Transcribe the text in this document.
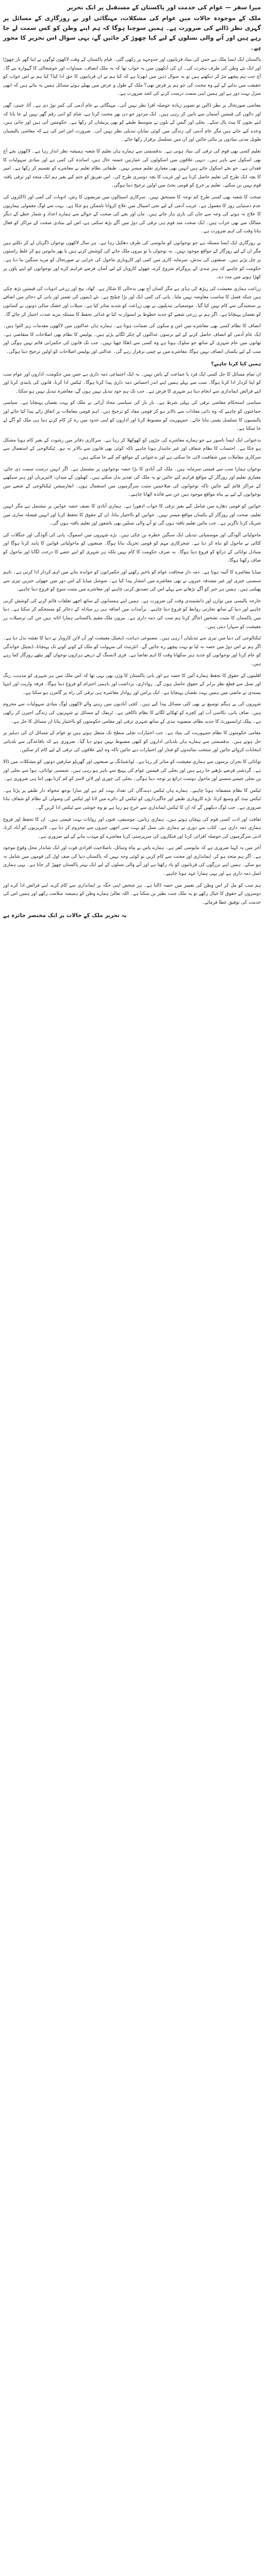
میرا سفر — عوام کی خدمت اور پاکستان کے مستقبل پر ایک تحریر

ملک کے موجودہ حالات میں عوام کی مشکلات، مہنگائی اور بے روزگاری کے مسائل پر گہری نظر ڈالنے کی ضرورت ہے۔ ہمیں سوچنا ہوگا کہ ہم اپنے وطن کو کس سمت لے جا رہے ہیں اور آنے والی نسلوں کے لیے کیا چھوڑ کر جائیں گے، یہی سوال اس تحریر کا محور ہے۔

پاکستان ایک ایسا ملک ہے جس کی بنیاد قربانیوں اور جدوجہد پر رکھی گئی۔ قیام پاکستان کے وقت لاکھوں لوگوں نے اپنا گھر بار چھوڑا اور ایک نئے وطن کی طرف ہجرت کی۔ ان کی آنکھوں میں یہ خواب تھا کہ یہ ملک انصاف، مساوات اور خوشحالی کا گہوارہ بنے گا۔ آج جب ہم پیچھے مڑ کر دیکھتے ہیں تو یہ سوال ذہن میں ابھرتا ہے کہ کیا ہم نے ان قربانیوں کا حق ادا کیا؟ کیا ہم نے اس خواب کو حقیقت میں بدلنے کے لیے وہ محنت کی جو ہم پر فرض تھی؟ ملک کے طول و عرض میں پھیلے ہوئے مسائل ہمیں یہ بتاتے ہیں کہ ابھی منزل بہت دور ہے اور ہمیں اپنی سمت درست کرنے کی اشد ضرورت ہے۔

معاشی صورتحال پر نظر ڈالیں تو تصویر زیادہ حوصلہ افزا نظر نہیں آتی۔ مہنگائی نے عام آدمی کی کمر توڑ دی ہے۔ آٹا، چینی، گھی اور دالوں کی قیمتیں آسمان سے باتیں کر رہی ہیں۔ ایک مزدور جو دن بھر محنت کرتا ہے، شام کو اتنی رقم گھر نہیں لے جا پاتا کہ اپنے بچوں کا پیٹ پال سکے۔ بجلی اور گیس کے بلوں نے متوسط طبقے کو بھی پریشان کر رکھا ہے۔ حکومتیں آتی ہیں اور جاتی ہیں، وعدے کیے جاتے ہیں مگر عام آدمی کی زندگی میں کوئی نمایاں تبدیلی نظر نہیں آتی۔ ضرورت اس امر کی ہے کہ معاشی پالیسیاں طویل مدتی بنیادوں پر بنائی جائیں اور ان میں تسلسل برقرار رکھا جائے۔

تعلیم کسی بھی قوم کی ترقی کی بنیاد ہوتی ہے۔ بدقسمتی سے ہمارے ہاں تعلیم کا شعبہ ہمیشہ نظر انداز رہا ہے۔ لاکھوں بچے آج بھی اسکول سے باہر ہیں۔ دیہی علاقوں میں اسکولوں کی عمارتیں خستہ حال ہیں، اساتذہ کی کمی ہے اور بنیادی سہولیات کا فقدان ہے۔ جو بچے اسکول جاتے ہیں انہیں بھی معیاری تعلیم میسر نہیں۔ طبقاتی نظام تعلیم نے معاشرے کو تقسیم کر رکھا ہے۔ امیر کا بچہ ایک طرح کی تعلیم حاصل کرتا ہے اور غریب کا بچہ دوسری طرح کی۔ اس تفریق کو ختم کیے بغیر ہم ایک متحد اور ترقی یافتہ قوم نہیں بن سکتے۔ تعلیم پر خرچ کو قومی بجٹ میں اولین ترجیح دینا ہوگی۔

صحت کا شعبہ بھی کسی طرح کم توجہ کا مستحق نہیں۔ سرکاری اسپتالوں میں مریضوں کا رش، ادویات کی کمی اور ڈاکٹروں کی عدم دستیابی روز کا معمول ہے۔ غریب آدمی کے لیے نجی اسپتال میں علاج کروانا ناممکن ہو چکا ہے۔ بہت سے لوگ معمولی بیماریوں کا علاج نہ ہونے کی وجہ سے جان کی بازی ہار جاتے ہیں۔ ماں اور بچے کی صحت کے حوالے سے ہمارے اعداد و شمار خطے کے دیگر ممالک سے بھی خراب ہیں۔ ایک صحت مند قوم ہی ترقی کی دوڑ میں آگے بڑھ سکتی ہے، اس لیے بنیادی صحت کے مراکز کو فعال بنانا وقت کی اہم ضرورت ہے۔

بے روزگاری ایک ایسا مسئلہ ہے جو نوجوانوں کو مایوسی کی طرف دھکیل رہا ہے۔ ہر سال لاکھوں نوجوان ڈگریاں لے کر نکلتے ہیں مگر ان کے لیے روزگار کے مواقع موجود نہیں۔ یہ نوجوان یا تو بیرون ملک جانے کی کوشش کرتے ہیں یا پھر مایوس ہو کر غلط راستوں پر چل پڑتے ہیں۔ صنعتوں کی بندش، سرمایہ کاری میں کمی اور کاروباری ماحول کی خرابی نے صورتحال کو مزید سنگین بنا دیا ہے۔ حکومت کو چاہیے کہ ہنر مندی کے پروگرام شروع کرے، چھوٹے کاروبار کے لیے آسان قرضے فراہم کرے اور نوجوانوں کو اپنے پاؤں پر کھڑا ہونے میں مدد دے۔

زراعت ہماری معیشت کی ریڑھ کی ہڈی ہے مگر کسان آج بھی بدحالی کا شکار ہے۔ کھاد، بیج اور زرعی ادویات کی قیمتیں بڑھ چکی ہیں جبکہ فصل کا مناسب معاوضہ نہیں ملتا۔ پانی کی کمی ایک اور بڑا چیلنج ہے۔ نئے ڈیموں کی تعمیر اور پانی کے ذخائر میں اضافے پر سنجیدگی سے کام نہیں کیا گیا۔ موسمیاتی تبدیلیوں نے بھی زراعت کو شدید متاثر کیا ہے۔ سیلاب اور خشک سالی دونوں نے کسانوں کو نقصان پہنچایا ہے۔ اگر ہم نے زرعی شعبے کو جدید خطوط پر استوار نہ کیا تو غذائی تحفظ کا مسئلہ مزید شدت اختیار کر جائے گا۔

انصاف کا نظام کسی بھی معاشرے میں امن و سکون کی ضمانت ہوتا ہے۔ ہمارے ہاں عدالتوں میں لاکھوں مقدمات زیر التوا ہیں۔ ایک عام آدمی کو انصاف حاصل کرنے کے لیے برسوں عدالتوں کے چکر لگانے پڑتے ہیں۔ پولیس کا نظام بھی اصلاحات کا متقاضی ہے۔ تھانوں میں عام شہری کے ساتھ جو سلوک ہوتا ہے وہ کسی سے ڈھکا چھپا نہیں۔ جب تک قانون کی حکمرانی قائم نہیں ہوگی اور سب کے لیے یکساں انصاف نہیں ہوگا، معاشرے میں بے چینی برقرار رہے گی۔ عدالتی اور پولیس اصلاحات کو اولین ترجیح دینا ہوگی۔

ہمیں کیا کرنا چاہیے؟

ان تمام مسائل کا حل کسی ایک فرد یا جماعت کے پاس نہیں۔ یہ ایک اجتماعی ذمہ داری ہے جس میں حکومت، اداروں اور عوام سب کو اپنا کردار ادا کرنا ہوگا۔ سب سے پہلے ہمیں اپنے اندر احساس ذمہ داری پیدا کرنا ہوگا۔ ٹیکس ادا کرنا، قانون کی پابندی کرنا اور اپنے فرائض ایمانداری سے انجام دینا ہر شہری کا فرض ہے۔ جب تک ہم خود تبدیل نہیں ہوں گے، معاشرہ تبدیل نہیں ہو سکتا۔

سیاسی استحکام معاشی ترقی کی پہلی شرط ہے۔ بار بار کی سیاسی محاذ آرائی نے ملک کو بہت نقصان پہنچایا ہے۔ سیاسی جماعتوں کو چاہیے کہ وہ ذاتی مفادات سے بالاتر ہو کر قومی مفاد کو ترجیح دیں۔ اہم قومی معاملات پر اتفاق رائے پیدا کیا جائے اور پالیسیوں کا تسلسل یقینی بنایا جائے۔ جمہوریت کو مضبوط کرنا اور اداروں کو اپنی حدود میں رہ کر کام کرنے دینا ہی ملک کو آگے لے جا سکتا ہے۔

بدعنوانی ایک ایسا ناسور ہے جو ہمارے معاشرے کی جڑوں کو کھوکھلا کر رہا ہے۔ سرکاری دفاتر میں رشوت کے بغیر کام ہونا مشکل ہو چکا ہے۔ احتساب کا نظام شفاف اور غیر جانبدار ہونا چاہیے تاکہ کوئی بھی قانون سے بالاتر نہ ہو۔ ٹیکنالوجی کے استعمال سے سرکاری معاملات میں شفافیت لائی جا سکتی ہے اور بدعنوانی کے مواقع کم کیے جا سکتے ہیں۔

نوجوان ہمارا سب سے قیمتی سرمایہ ہیں۔ ملک کی آبادی کا بڑا حصہ نوجوانوں پر مشتمل ہے۔ اگر انہیں درست سمت دی جائے، معیاری تعلیم اور روزگار کے مواقع فراہم کیے جائیں تو یہ ملک کی تقدیر بدل سکتے ہیں۔ کھیلوں کے میدان، لائبریریاں اور ہنر سیکھنے کے مراکز قائم کیے جائیں تاکہ نوجوانوں کی صلاحیتیں مثبت سرگرمیوں میں استعمال ہوں۔ انفارمیشن ٹیکنالوجی کے شعبے میں نوجوانوں کے لیے بے پناہ مواقع موجود ہیں جن سے فائدہ اٹھانا چاہیے۔

خواتین کو قومی دھارے میں شامل کیے بغیر ترقی کا خواب ادھورا ہے۔ ہماری آبادی کا نصف حصہ خواتین پر مشتمل ہے مگر انہیں تعلیم، صحت اور روزگار کے یکساں مواقع میسر نہیں۔ خواتین کو بااختیار بنانا، ان کے حقوق کا تحفظ کرنا اور انہیں فیصلہ سازی میں شریک کرنا ناگزیر ہے۔ جب مائیں تعلیم یافتہ ہوں گی تو آنے والی نسلیں بھی باشعور اور تعلیم یافتہ ہوں گی۔

ماحولیاتی آلودگی اور موسمیاتی تبدیلی ایک سنگین خطرہ بن چکی ہیں۔ بڑے شہروں میں اسموگ، پانی کی آلودگی اور جنگلات کی کٹائی نے ماحول کو تباہ کر دیا ہے۔ شجرکاری مہم کو قومی تحریک بنانا ہوگا۔ صنعتوں کو ماحولیاتی قوانین کا پابند کرنا ہوگا اور متبادل توانائی کے ذرائع کو فروغ دینا ہوگا۔ یہ صرف حکومت کا کام نہیں بلکہ ہر شہری کو اپنے حصے کا درخت لگانا اور ماحول کو صاف رکھنا ہوگا۔

میڈیا معاشرے کا آئینہ ہوتا ہے۔ ذمہ دار صحافت عوام کو باخبر رکھنے اور حکمرانوں کو جوابدہ بنانے میں اہم کردار ادا کرتی ہے۔ تاہم سنسنی خیزی اور غیر مصدقہ خبروں نے بھی معاشرے میں انتشار پیدا کیا ہے۔ سوشل میڈیا کے اس دور میں جھوٹی خبریں تیزی سے پھیلتی ہیں۔ ہمیں ہر خبر کو آگے بڑھانے سے پہلے اس کی تصدیق کرنی چاہیے اور معاشرے میں مثبت سوچ کو فروغ دینا چاہیے۔

خارجہ پالیسی میں توازن اور دانشمندی وقت کی ضرورت ہے۔ ہمیں اپنے ہمسایوں کے ساتھ اچھے تعلقات قائم کرنے کی کوشش کرنی چاہیے اور دنیا کے ساتھ تجارتی روابط کو فروغ دینا چاہیے۔ برآمدات میں اضافہ ہی زر مبادلہ کے ذخائر کو مستحکم کر سکتا ہے۔ دنیا میں پاکستان کا مثبت تشخص اجاگر کرنا ہم سب کی ذمہ داری ہے۔ بیرون ملک مقیم پاکستانی ہمارا اثاثہ ہیں جن کی ترسیلات زر معیشت کو سہارا دیتی ہیں۔

ٹیکنالوجی کی دنیا میں تیزی سے تبدیلیاں آ رہی ہیں۔ مصنوعی ذہانت، ڈیجیٹل معیشت اور آن لائن کاروبار نے دنیا کا نقشہ بدل دیا ہے۔ اگر ہم نے اس دوڑ میں حصہ نہ لیا تو بہت پیچھے رہ جائیں گے۔ انٹرنیٹ کی سہولت کو ملک کے کونے کونے تک پہنچانا، ڈیجیٹل خواندگی کو عام کرنا اور نوجوانوں کو جدید ہنر سکھانا وقت کا اہم تقاضا ہے۔ فری لانسنگ کے ذریعے ہزاروں نوجوان گھر بیٹھے روزگار کما رہے ہیں۔

اقلیتوں کے حقوق کا تحفظ ہمارے آئین کا حصہ ہے اور بانی پاکستان کا وژن بھی یہی تھا کہ اس ملک میں ہر شہری کو مذہب، رنگ اور نسل سے قطع نظر برابر کے حقوق حاصل ہوں گے۔ رواداری، برداشت اور باہمی احترام کو فروغ دینا ہوگا۔ فرقہ واریت اور انتہا پسندی نے ماضی میں ہمیں بہت نقصان پہنچایا ہے۔ ایک پرامن اور روادار معاشرہ ہی ترقی کی راہ پر گامزن ہو سکتا ہے۔

شہروں کی بے ہنگم توسیع نے بھی کئی مسائل پیدا کیے ہیں۔ کچی آبادیوں میں رہنے والے لاکھوں لوگ بنیادی سہولیات سے محروم ہیں۔ صاف پانی، نکاسی آب اور کچرے کو ٹھکانے لگانے کا نظام ناکافی ہے۔ ٹریفک کے مسائل نے شہریوں کی زندگی اجیرن کر رکھی ہے۔ پبلک ٹرانسپورٹ کا جدید نظام، منصوبہ بندی کے ساتھ شہری ترقی اور مقامی حکومتوں کو بااختیار بنانا ان مسائل کا حل ہے۔

مقامی حکومتوں کا نظام جمہوریت کی بنیاد ہے۔ جب اختیارات نچلی سطح تک منتقل ہوتے ہیں تو عوام کے مسائل ان کی دہلیز پر حل ہوتے ہیں۔ بدقسمتی سے ہمارے ہاں بلدیاتی اداروں کو کبھی مضبوط نہیں ہونے دیا گیا۔ ضروری ہے کہ باقاعدگی سے بلدیاتی انتخابات کروائے جائیں اور منتخب نمائندوں کو فنڈز اور اختیارات دیے جائیں تاکہ وہ اپنے علاقوں کی ترقی کے لیے کام کر سکیں۔

توانائی کا بحران برسوں سے ہماری معیشت کو متاثر کر رہا ہے۔ لوڈشیڈنگ نے صنعتوں اور گھریلو صارفین دونوں کو مشکلات میں ڈالا ہے۔ گردشی قرضے بڑھتے جا رہے ہیں اور بجلی کی قیمتیں عوام کی پہنچ سے باہر ہو رہی ہیں۔ شمسی توانائی، ہوا سے بجلی اور پن بجلی جیسے سستے اور ماحول دوست ذرائع پر توجہ دینا ہوگی۔ بجلی کی چوری اور لائن لاسز کو کم کرنا بھی اتنا ہی ضروری ہے۔

ٹیکس کا نظام منصفانہ ہونا چاہیے۔ ہمارے ہاں ٹیکس دہندگان کی تعداد بہت کم ہے اور سارا بوجھ تنخواہ دار طبقے پر پڑتا ہے۔ ٹیکس نیٹ کو وسیع کرنا، بڑے کاروباری طبقے اور جاگیرداروں کو ٹیکس کے دائرے میں لانا اور ٹیکس کی وصولی کے نظام کو شفاف بنانا ضروری ہے۔ جب لوگ دیکھیں گے کہ ان کا ٹیکس ایمانداری سے خرچ ہو رہا ہے تو وہ خوشی سے ٹیکس ادا کریں گے۔

ثقافت اور ادب کسی قوم کی پہچان ہوتے ہیں۔ ہماری زبانیں، موسیقی، فنون اور روایات بہت قیمتی ہیں۔ ان کا تحفظ اور فروغ ہماری ذمہ داری ہے۔ کتاب سے دوری نے ہماری نئی نسل کو بہت سی اچھی چیزوں سے محروم کر دیا ہے۔ لائبریریوں کو آباد کرنا، ادبی سرگرمیوں کی حوصلہ افزائی کرنا اور فنکاروں کی سرپرستی کرنا معاشرے کو مہذب بنانے کے لیے ضروری ہے۔

آخر میں یہ کہنا ضروری ہے کہ مایوسی کفر ہے۔ ہمارے پاس بے پناہ وسائل، باصلاحیت افرادی قوت اور ایک شاندار محل وقوع موجود ہے۔ اگر ہم متحد ہو کر، ایمانداری اور محنت سے کام کریں تو کوئی وجہ نہیں کہ پاکستان دنیا کی صف اول کی قوموں میں شامل نہ ہو سکے۔ ہمیں اپنے بزرگوں کی قربانیوں کو یاد رکھنا ہے اور آنے والی نسلوں کے لیے ایک بہتر پاکستان چھوڑ کر جانا ہے۔ یہی ہماری اصل ذمہ داری ہے اور یہی ہمارا عہد ہونا چاہیے۔

ہم سب کو مل کر اس وطن کی تعمیر میں حصہ ڈالنا ہے۔ ہر شخص اپنی جگہ پر ایمانداری سے کام کرے، اپنے فرائض ادا کرے اور دوسروں کے حقوق کا خیال رکھے تو یہ ملک جنت نظیر بن سکتا ہے۔ اللہ تعالیٰ ہمارے وطن کو ہمیشہ سلامت رکھے اور ہمیں اس کی خدمت کی توفیق عطا فرمائے۔

یہ تحریر ملک کے حالات پر ایک مختصر جائزہ ہے
